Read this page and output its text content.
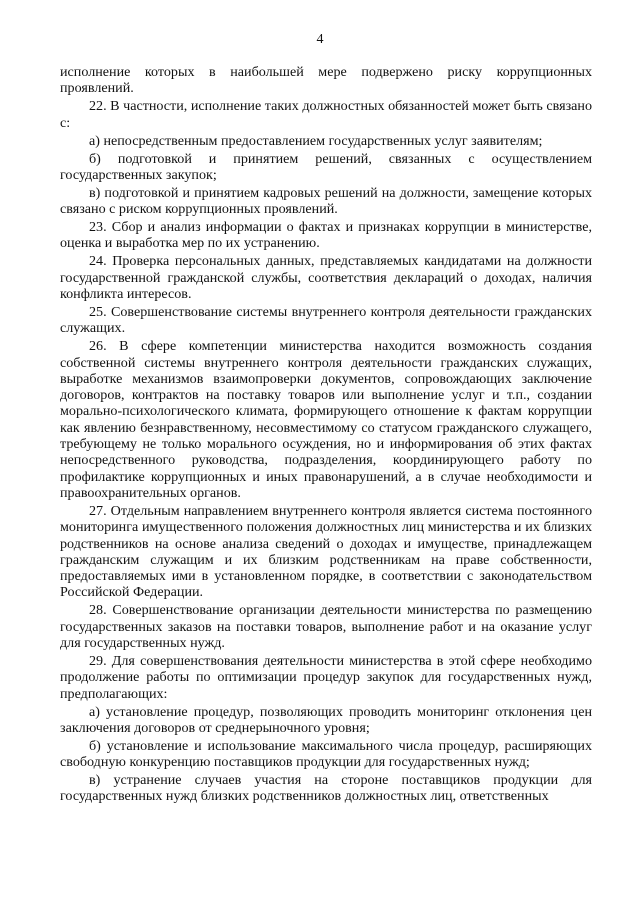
4

исполнение которых в наибольшей мере подвержено риску коррупционных проявлений.

22. В частности, исполнение таких должностных обязанностей может быть связано с:

а) непосредственным предоставлением государственных услуг заявителям;

б) подготовкой и принятием решений, связанных с осуществлением государственных закупок;

в) подготовкой и принятием кадровых решений на должности, замещение которых связано с риском коррупционных проявлений.

23. Сбор и анализ информации о фактах и признаках коррупции в министерстве, оценка и выработка мер по их устранению.

24. Проверка персональных данных, представляемых кандидатами на должности государственной гражданской службы, соответствия деклараций о доходах, наличия конфликта интересов.

25. Совершенствование системы внутреннего контроля деятельности гражданских служащих.

26. В сфере компетенции министерства находится возможность создания собственной системы внутреннего контроля деятельности гражданских служащих, выработке механизмов взаимопроверки документов, сопровождающих заключение договоров, контрактов на поставку товаров или выполнение услуг и т.п., создании морально-психологического климата, формирующего отношение к фактам коррупции как явлению безнравственному, несовместимому со статусом гражданского служащего, требующему не только морального осуждения, но и информирования об этих фактах непосредственного руководства, подразделения, координирующего работу по профилактике коррупционных и иных правонарушений, а в случае необходимости и правоохранительных органов.

27. Отдельным направлением внутреннего контроля является система постоянного мониторинга имущественного положения должностных лиц министерства и их близких родственников на основе анализа сведений о доходах и имуществе, принадлежащем гражданским служащим и их близким родственникам на праве собственности, предоставляемых ими в установленном порядке, в соответствии с законодательством Российской Федерации.

28. Совершенствование организации деятельности министерства по размещению государственных заказов на поставки товаров, выполнение работ и на оказание услуг для государственных нужд.

29. Для совершенствования деятельности министерства в этой сфере необходимо продолжение работы по оптимизации процедур закупок для государственных нужд, предполагающих:

а) установление процедур, позволяющих проводить мониторинг отклонения цен заключения договоров от среднерыночного уровня;

б) установление и использование максимального числа процедур, расширяющих свободную конкуренцию поставщиков продукции для государственных нужд;

в) устранение случаев участия на стороне поставщиков продукции для государственных нужд близких родственников должностных лиц, ответственных
